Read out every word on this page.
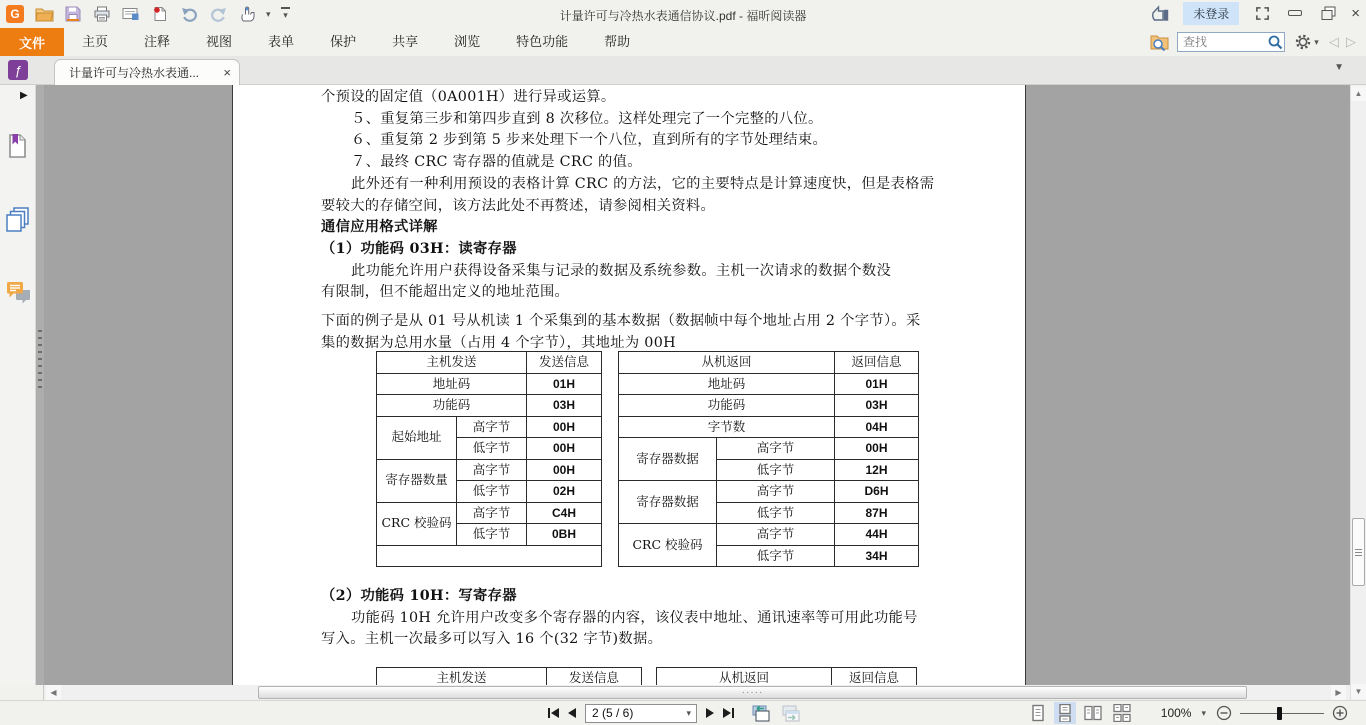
G	▾ ▾	计量许可与冷热水表通信协议.pdf - 福昕阅读器	未登录	×
文件	主页	注释	视图	表单	保护	共享	浏览	特色功能	帮助
查找	▾ ◁ ▷
ƒ	计量许可与冷热水表通...	×	▼
▶	个预设的固定值（0A001H）进行异或运算。
５、重复第三步和第四步直到 8 次移位。这样处理完了一个完整的八位。
６、重复第 2 步到第 5 步来处理下一个八位，直到所有的字节处理结束。
７、最终 CRC 寄存器的值就是 CRC 的值。
此外还有一种利用预设的表格计算 CRC 的方法，它的主要特点是计算速度快，但是表格需
要较大的存储空间，该方法此处不再赘述，请参阅相关资料。
通信应用格式详解
（1）功能码 03H：读寄存器
此功能允许用户获得设备采集与记录的数据及系统参数。主机一次请求的数据个数没
有限制，但不能超出定义的地址范围。
下面的例子是从 01 号从机读 1 个采集到的基本数据（数据帧中每个地址占用 2 个字节）。采
集的数据为总用水量（占用 4 个字节），其地址为 00H
主机发送		发送信息
地址码		01H
功能码		03H
起始地址	高字节	00H
	低字节	00H
寄存器数量	高字节	00H
	低字节	02H
CRC 校验码	高字节	C4H
	低字节	0BH

从机返回		返回信息
地址码		01H
功能码		03H
字节数		04H
寄存器数据	高字节	00H
	低字节	12H
寄存器数据	高字节	D6H
	低字节	87H
CRC 校验码	高字节	44H
	低字节	34H
（2）功能码 10H：写寄存器
功能码 10H 允许用户改变多个寄存器的内容，该仪表中地址、通讯速率等可用此功能号
写入。主机一次最多可以写入 16 个(32 字节)数据。
主机发送	发送信息	从机返回	返回信息
▲
▼
◀	·····	▶
2 (5 / 6)	▾	100% ▾
